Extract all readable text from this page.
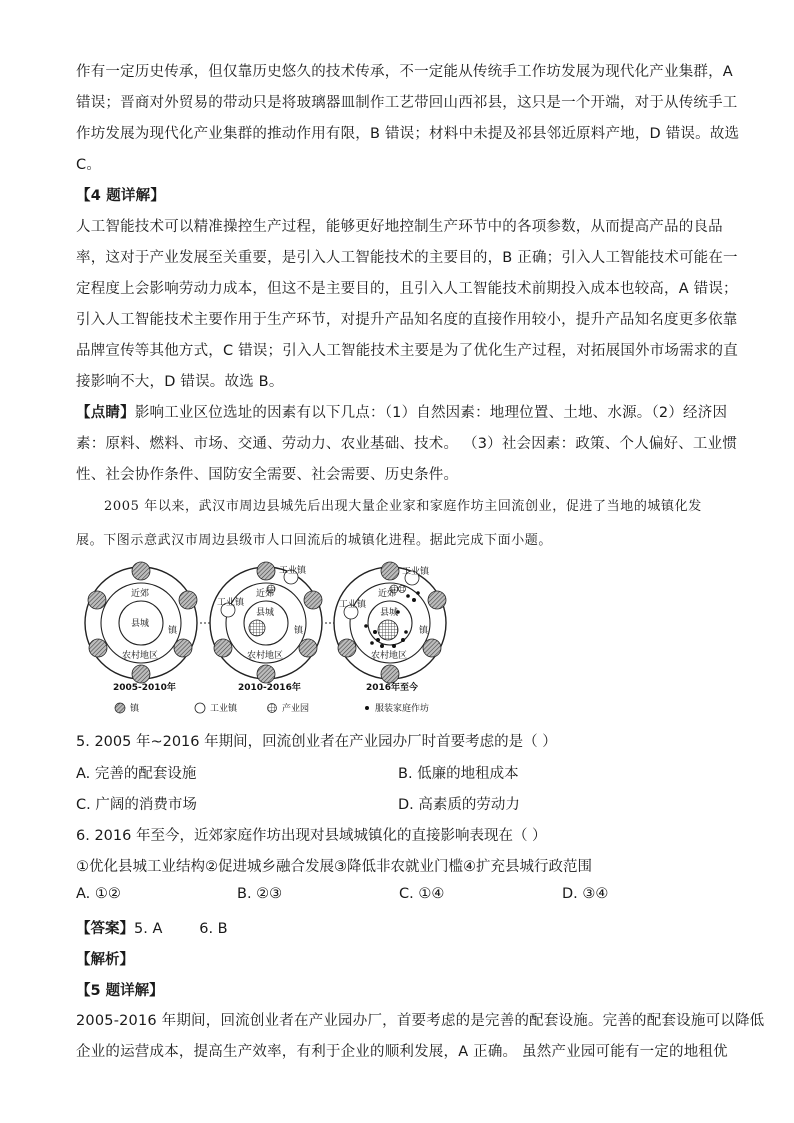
作有一定历史传承，但仅靠历史悠久的技术传承，不一定能从传统手工作坊发展为现代化产业集群，A
错误；晋商对外贸易的带动只是将玻璃器皿制作工艺带回山西祁县，这只是一个开端，对于从传统手工
作坊发展为现代化产业集群的推动作用有限，B 错误；材料中未提及祁县邻近原料产地，D 错误。故选
C。
【4 题详解】
人工智能技术可以精准操控生产过程，能够更好地控制生产环节中的各项参数，从而提高产品的良品
率，这对于产业发展至关重要，是引入人工智能技术的主要目的，B 正确；引入人工智能技术可能在一
定程度上会影响劳动力成本，但这不是主要目的，且引入人工智能技术前期投入成本也较高，A 错误；
引入人工智能技术主要作用于生产环节，对提升产品知名度的直接作用较小，提升产品知名度更多依靠
品牌宣传等其他方式，C 错误；引入人工智能技术主要是为了优化生产过程，对拓展国外市场需求的直
接影响不大，D 错误。故选 B。
【点睛】影响工业区位选址的因素有以下几点：（1）自然因素：地理位置、土地、水源。（2）经济因
素：原料、燃料、市场、交通、劳动力、农业基础、技术。 （3）社会因素：政策、个人偏好、工业惯
性、社会协作条件、国防安全需要、社会需要、历史条件。
2005 年以来，武汉市周边县城先后出现大量企业家和家庭作坊主回流创业，促进了当地的城镇化发
展。下图示意武汉市周边县级市人口回流后的城镇化进程。据此完成下面小题。
近郊
县城
镇
农村地区
2005-2010年
工业镇
工业镇
近郊
县城
镇
农村地区
2010-2016年
工业镇
工业镇
近郊
县城
镇
农村地区
2016年至今
镇	工业镇	产业园	服装家庭作坊
5. 2005 年~2016 年期间，回流创业者在产业园办厂时首要考虑的是（ ）
A. 完善的配套设施	B. 低廉的地租成本
C. 广阔的消费市场	D. 高素质的劳动力
6. 2016 年至今，近郊家庭作坊出现对县域城镇化的直接影响表现在（ ）
①优化县城工业结构②促进城乡融合发展③降低非农就业门槛④扩充县城行政范围
A. ①②	B. ②③	C. ①④	D. ③④
【答案】5. A        6. B
【解析】
【5 题详解】
2005-2016 年期间，回流创业者在产业园办厂，首要考虑的是完善的配套设施。完善的配套设施可以降低
企业的运营成本，提高生产效率，有利于企业的顺利发展，A 正确。 虽然产业园可能有一定的地租优
